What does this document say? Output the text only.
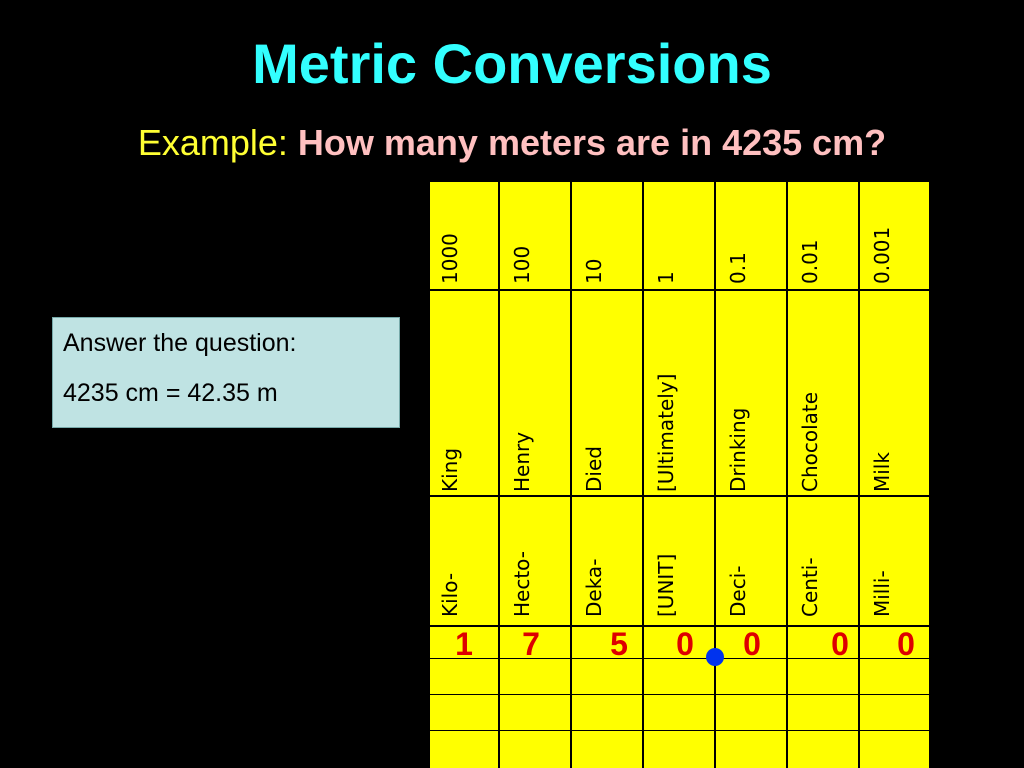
Metric Conversions
Example: How many meters are in 4235 cm?
Answer the question:
4235 cm = 42.35 m
1000
King
Kilo-
100
Henry
Hecto-
10
Died
Deka-
1
[Ultimately]
[UNIT]
0.1
Drinking
Deci-
0.01
Chocolate
Centi-
0.001
Milk
Milli-
1 7 5 0 0 0 0
